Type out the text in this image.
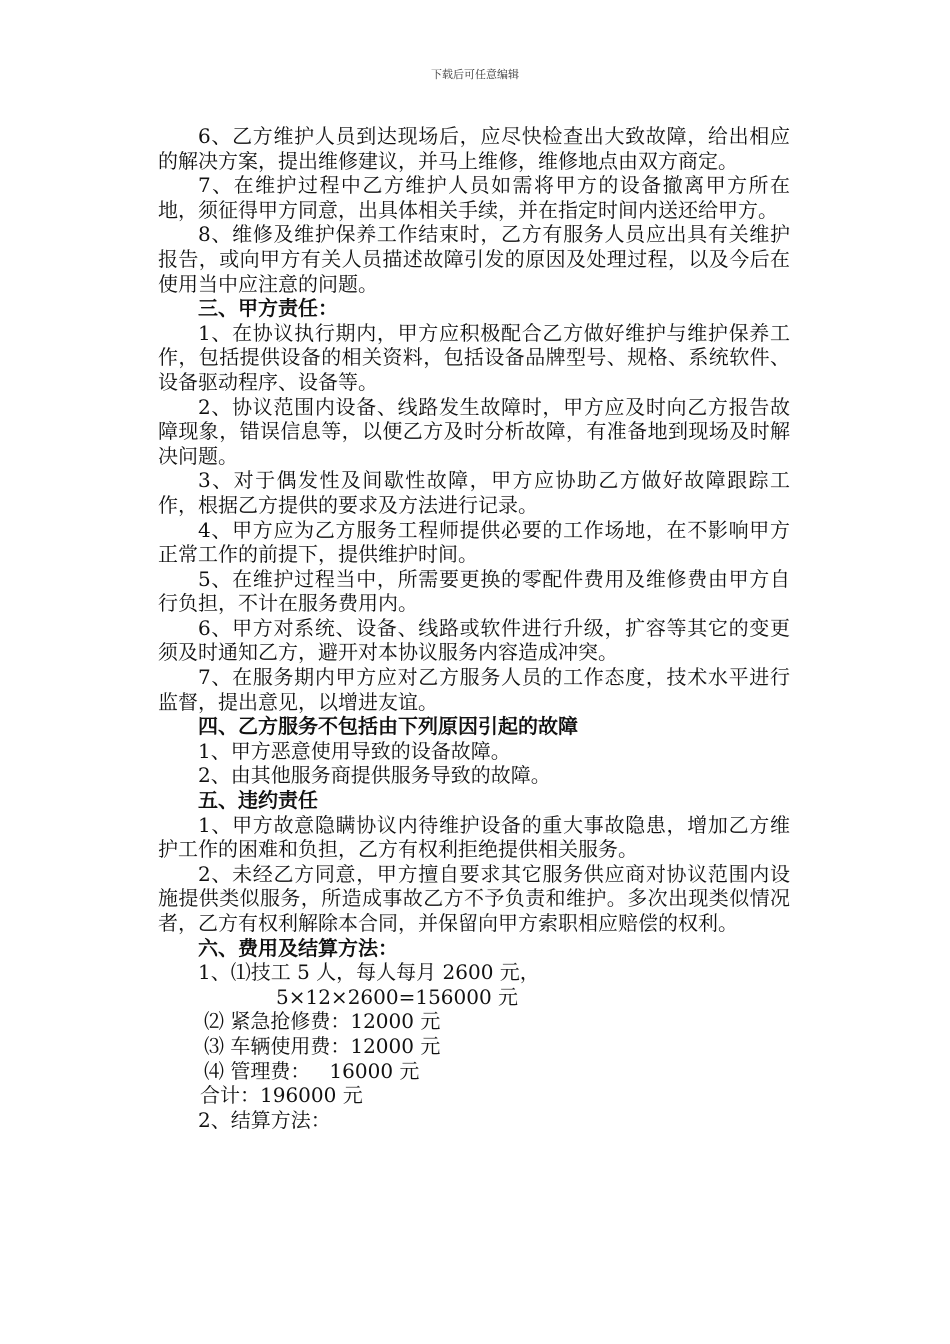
下载后可任意编辑

6、乙方维护人员到达现场后，应尽快检查出大致故障，给出相应的解决方案，提出维修建议，并马上维修，维修地点由双方商定。

7、在维护过程中乙方维护人员如需将甲方的设备撤离甲方所在地，须征得甲方同意，出具体相关手续，并在指定时间内送还给甲方。

8、维修及维护保养工作结束时，乙方有服务人员应出具有关维护报告，或向甲方有关人员描述故障引发的原因及处理过程，以及今后在使用当中应注意的问题。

三、甲方责任：

1、在协议执行期内，甲方应积极配合乙方做好维护与维护保养工作，包括提供设备的相关资料，包括设备品牌型号、规格、系统软件、设备驱动程序、设备等。

2、协议范围内设备、线路发生故障时，甲方应及时向乙方报告故障现象，错误信息等，以便乙方及时分析故障，有准备地到现场及时解决问题。

3、对于偶发性及间歇性故障，甲方应协助乙方做好故障跟踪工作，根据乙方提供的要求及方法进行记录。

4、甲方应为乙方服务工程师提供必要的工作场地，在不影响甲方正常工作的前提下，提供维护时间。

5、在维护过程当中，所需要更换的零配件费用及维修费由甲方自行负担，不计在服务费用内。

6、甲方对系统、设备、线路或软件进行升级，扩容等其它的变更须及时通知乙方，避开对本协议服务内容造成冲突。

7、在服务期内甲方应对乙方服务人员的工作态度，技术水平进行监督，提出意见，以增进友谊。

四、乙方服务不包括由下列原因引起的故障

1、甲方恶意使用导致的设备故障。

2、由其他服务商提供服务导致的故障。

五、违约责任

1、甲方故意隐瞒协议内待维护设备的重大事故隐患，增加乙方维护工作的困难和负担，乙方有权利拒绝提供相关服务。

2、未经乙方同意，甲方擅自要求其它服务供应商对协议范围内设施提供类似服务，所造成事故乙方不予负责和维护。多次出现类似情况者，乙方有权利解除本合同，并保留向甲方索职相应赔偿的权利。

六、费用及结算方法：

1、⑴技工 5 人，每人每月 2600 元，

5×12×2600=156000 元

⑵ 紧急抢修费：12000 元

⑶ 车辆使用费：12000 元

⑷ 管理费：   16000 元

合计：196000 元

2、结算方法：
